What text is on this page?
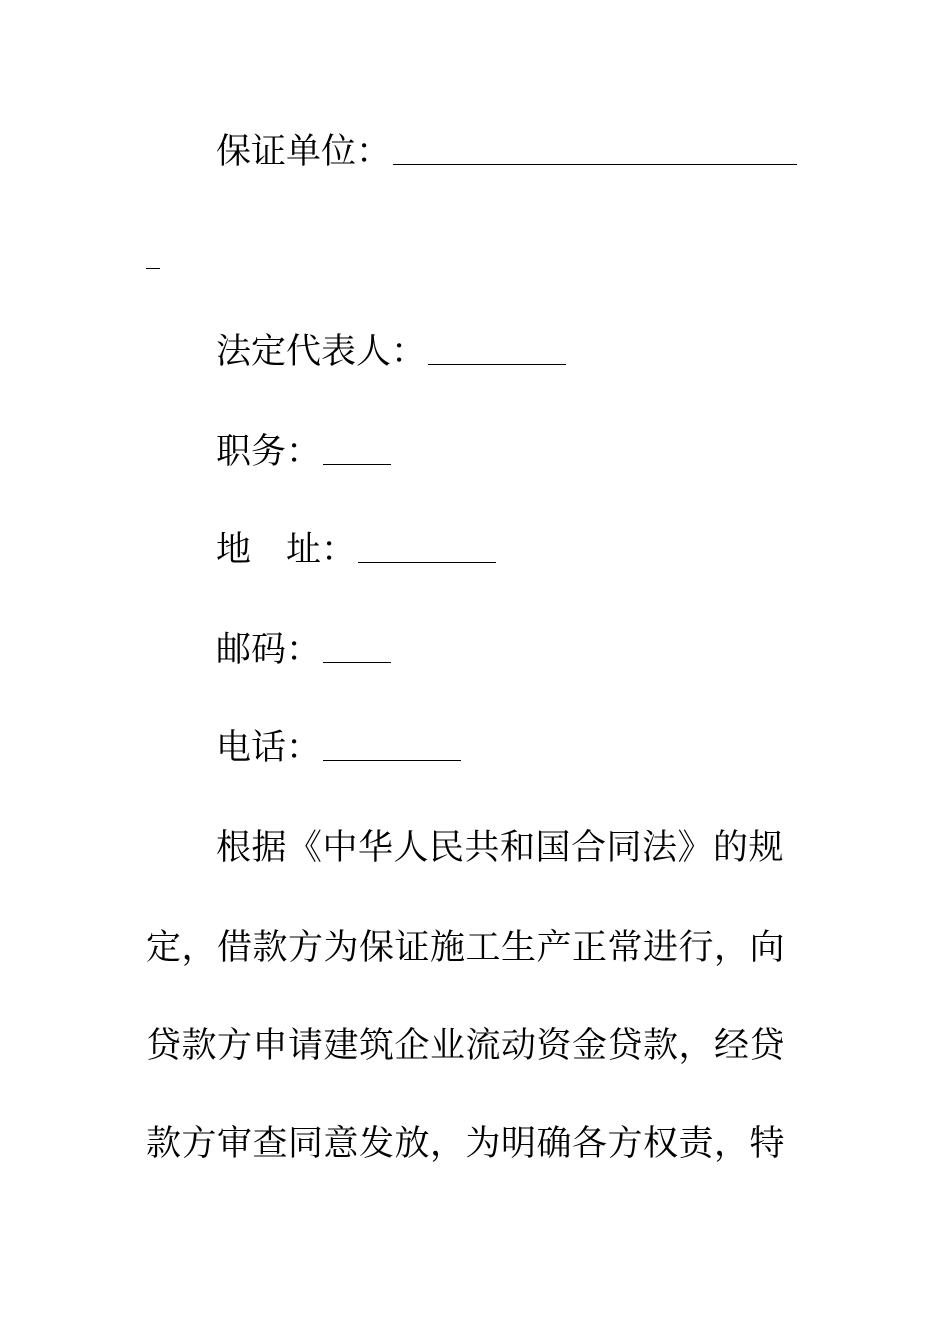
保证单位：
法定代表人：
职务：
地　址：
邮码：
电话：
根据《中华人民共和国合同法》的规
定，借款方为保证施工生产正常进行，向
贷款方申请建筑企业流动资金贷款，经贷
款方审查同意发放，为明确各方权责，特
